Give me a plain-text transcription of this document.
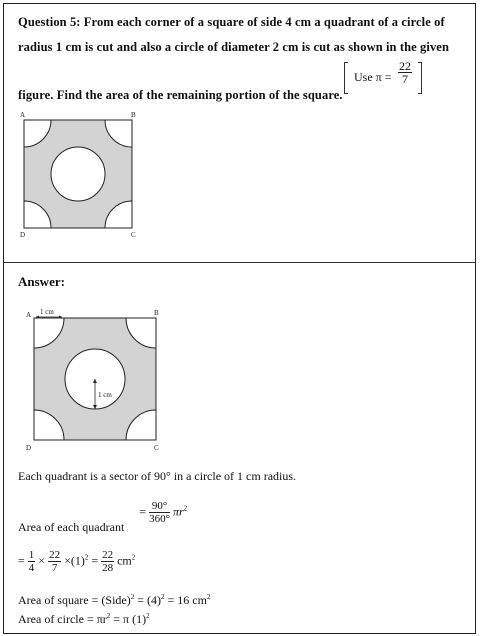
Question 5: From each corner of a square of side 4 cm a quadrant of a circle of
radius 1 cm is cut and also a circle of diameter 2 cm is cut as shown in the given
figure. Find the area of the remaining portion of the square.
Use $\pi = \frac{22}{7}$
A	B
C
D
Answer:
1 cm
1 cm
A	B
C
D
Each quadrant is a sector of 90° in a circle of 1 cm radius.
Area of each quadrant = $\frac{90^\circ}{360^\circ} \pi r^2$
= $\frac{1}{4} \times \frac{22}{7} \times(1)^2 = \frac{22}{28} cm^2$
Area of square = (Side)$^2$ = $(4)^2 = 16$ $cm^2$
Area of circle = $\pi r^2 = \pi$ $(1)^2$
